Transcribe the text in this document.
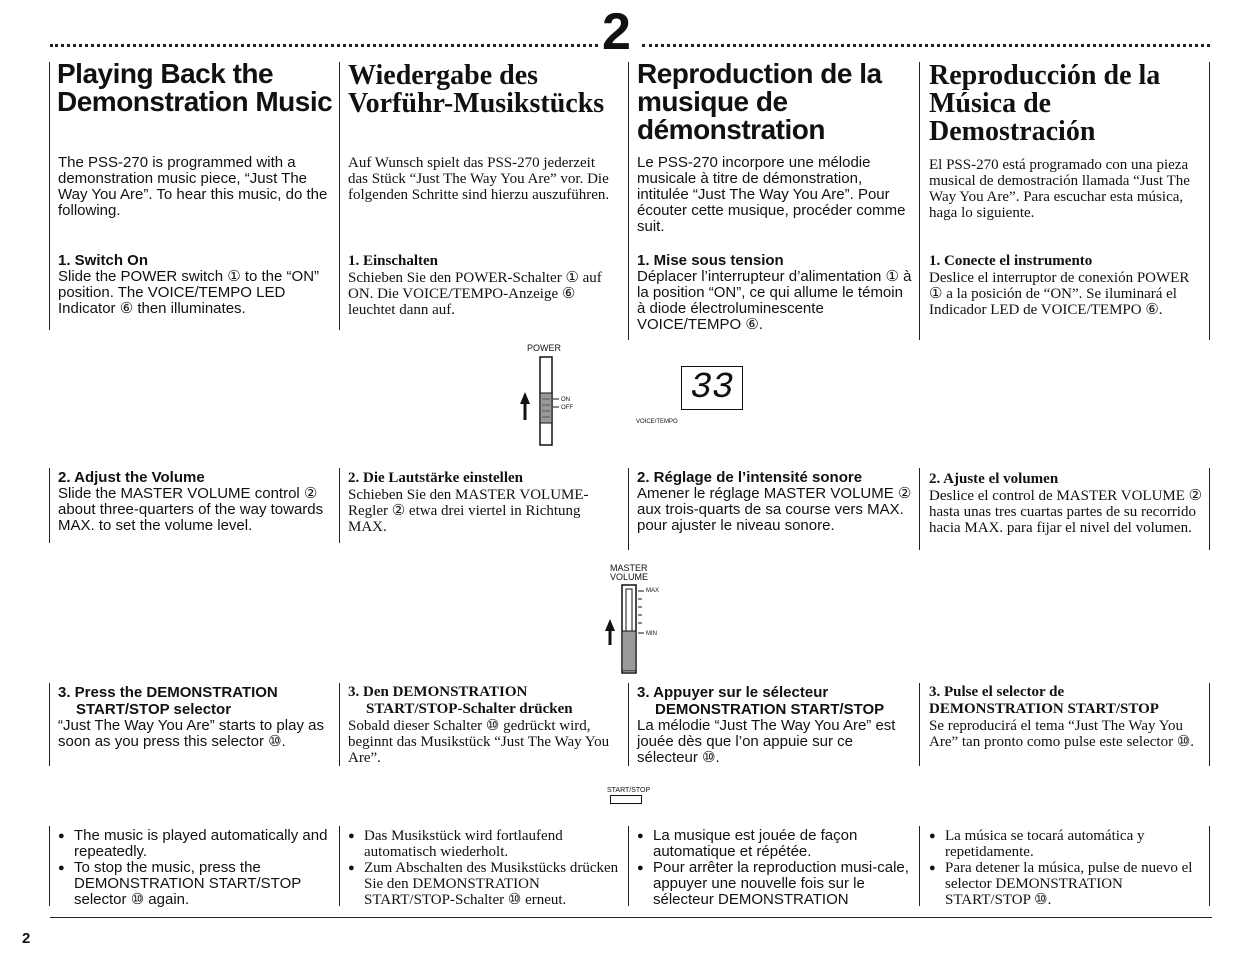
2
Playing Back the Demonstration Music
Wiedergabe des Vorführ-Musikstücks
Reproduction de la musique de démonstration
Reproducción de la Música de Demostración

The PSS-270 is programmed with a demonstration music piece, “Just The Way You Are”. To hear this music, do the following.

Auf Wunsch spielt das PSS-270 jederzeit das Stück “Just The Way You Are” vor. Die folgenden Schritte sind hierzu auszuführen.

Le PSS-270 incorpore une mélodie musicale à titre de démonstration, intitulée “Just The Way You Are”. Pour écouter cette musique, procéder comme suit.

El PSS-270 está programado con una pieza musical de demostración llamada “Just The Way You Are”. Para escuchar esta música, haga lo siguiente.

1. Switch On

Slide the POWER switch ① to the “ON” position. The VOICE/TEMPO LED Indicator ⑥ then illuminates.

1. Einschalten

Schieben Sie den POWER-Schalter ① auf ON. Die VOICE/TEMPO-Anzeige ⑥ leuchtet dann auf.

1. Mise sous tension

Déplacer l’interrupteur d’alimentation ① à la position “ON”, ce qui allume le témoin à diode électroluminescente VOICE/TEMPO ⑥.

1. Conecte el instrumento

Deslice el interruptor de conexión POWER ① a la posición de “ON”. Se iluminará el Indicador LED de VOICE/TEMPO ⑥.

POWER
ON
OFF	33
VOICE/TEMPO
2. Adjust the Volume

Slide the MASTER VOLUME control ② about three-quarters of the way towards MAX. to set the volume level.

2. Die Lautstärke einstellen

Schieben Sie den MASTER VOLUME-Regler ② etwa drei viertel in Richtung MAX.

2. Réglage de l’intensité sonore

Amener le réglage MASTER VOLUME ② aux trois-quarts de sa course vers MAX. pour ajuster le niveau sonore.

2. Ajuste el volumen

Deslice el control de MASTER VOLUME ② hasta unas tres cuartas partes de su recorrido hacia MAX. para fijar el nivel del volumen.

MASTER
VOLUME
MAX
MIN
3. Press the DEMONSTRATION
START/STOP selector

“Just The Way You Are” starts to play as soon as you press this selector ⑩.

3. Den DEMONSTRATION
START/STOP-Schalter drücken

Sobald dieser Schalter ⑩ gedrückt wird, beginnt das Musikstück “Just The Way You Are”.

3. Appuyer sur le sélecteur
DEMONSTRATION START/STOP

La mélodie “Just The Way You Are” est jouée dès que l’on appuie sur ce sélecteur ⑩.

3. Pulse el selector de
DEMONSTRATION START/STOP

Se reproducirá el tema “Just The Way You Are” tan pronto como pulse este selector ⑩.

START/STOP
● The music is played automatically and repeatedly.
● To stop the music, press the DEMONSTRATION START/STOP selector ⑩ again.
● Das Musikstück wird fortlaufend automatisch wiederholt.
● Zum Abschalten des Musikstücks drücken Sie den DEMONSTRATION START/STOP-Schalter ⑩ erneut.
● La musique est jouée de façon automatique et répétée.
● Pour arrêter la reproduction musi-cale, appuyer une nouvelle fois sur le sélecteur DEMONSTRATION
● La música se tocará automática y repetidamente.
● Para detener la música, pulse de nuevo el selector DEMONSTRATION START/STOP ⑩.
2
